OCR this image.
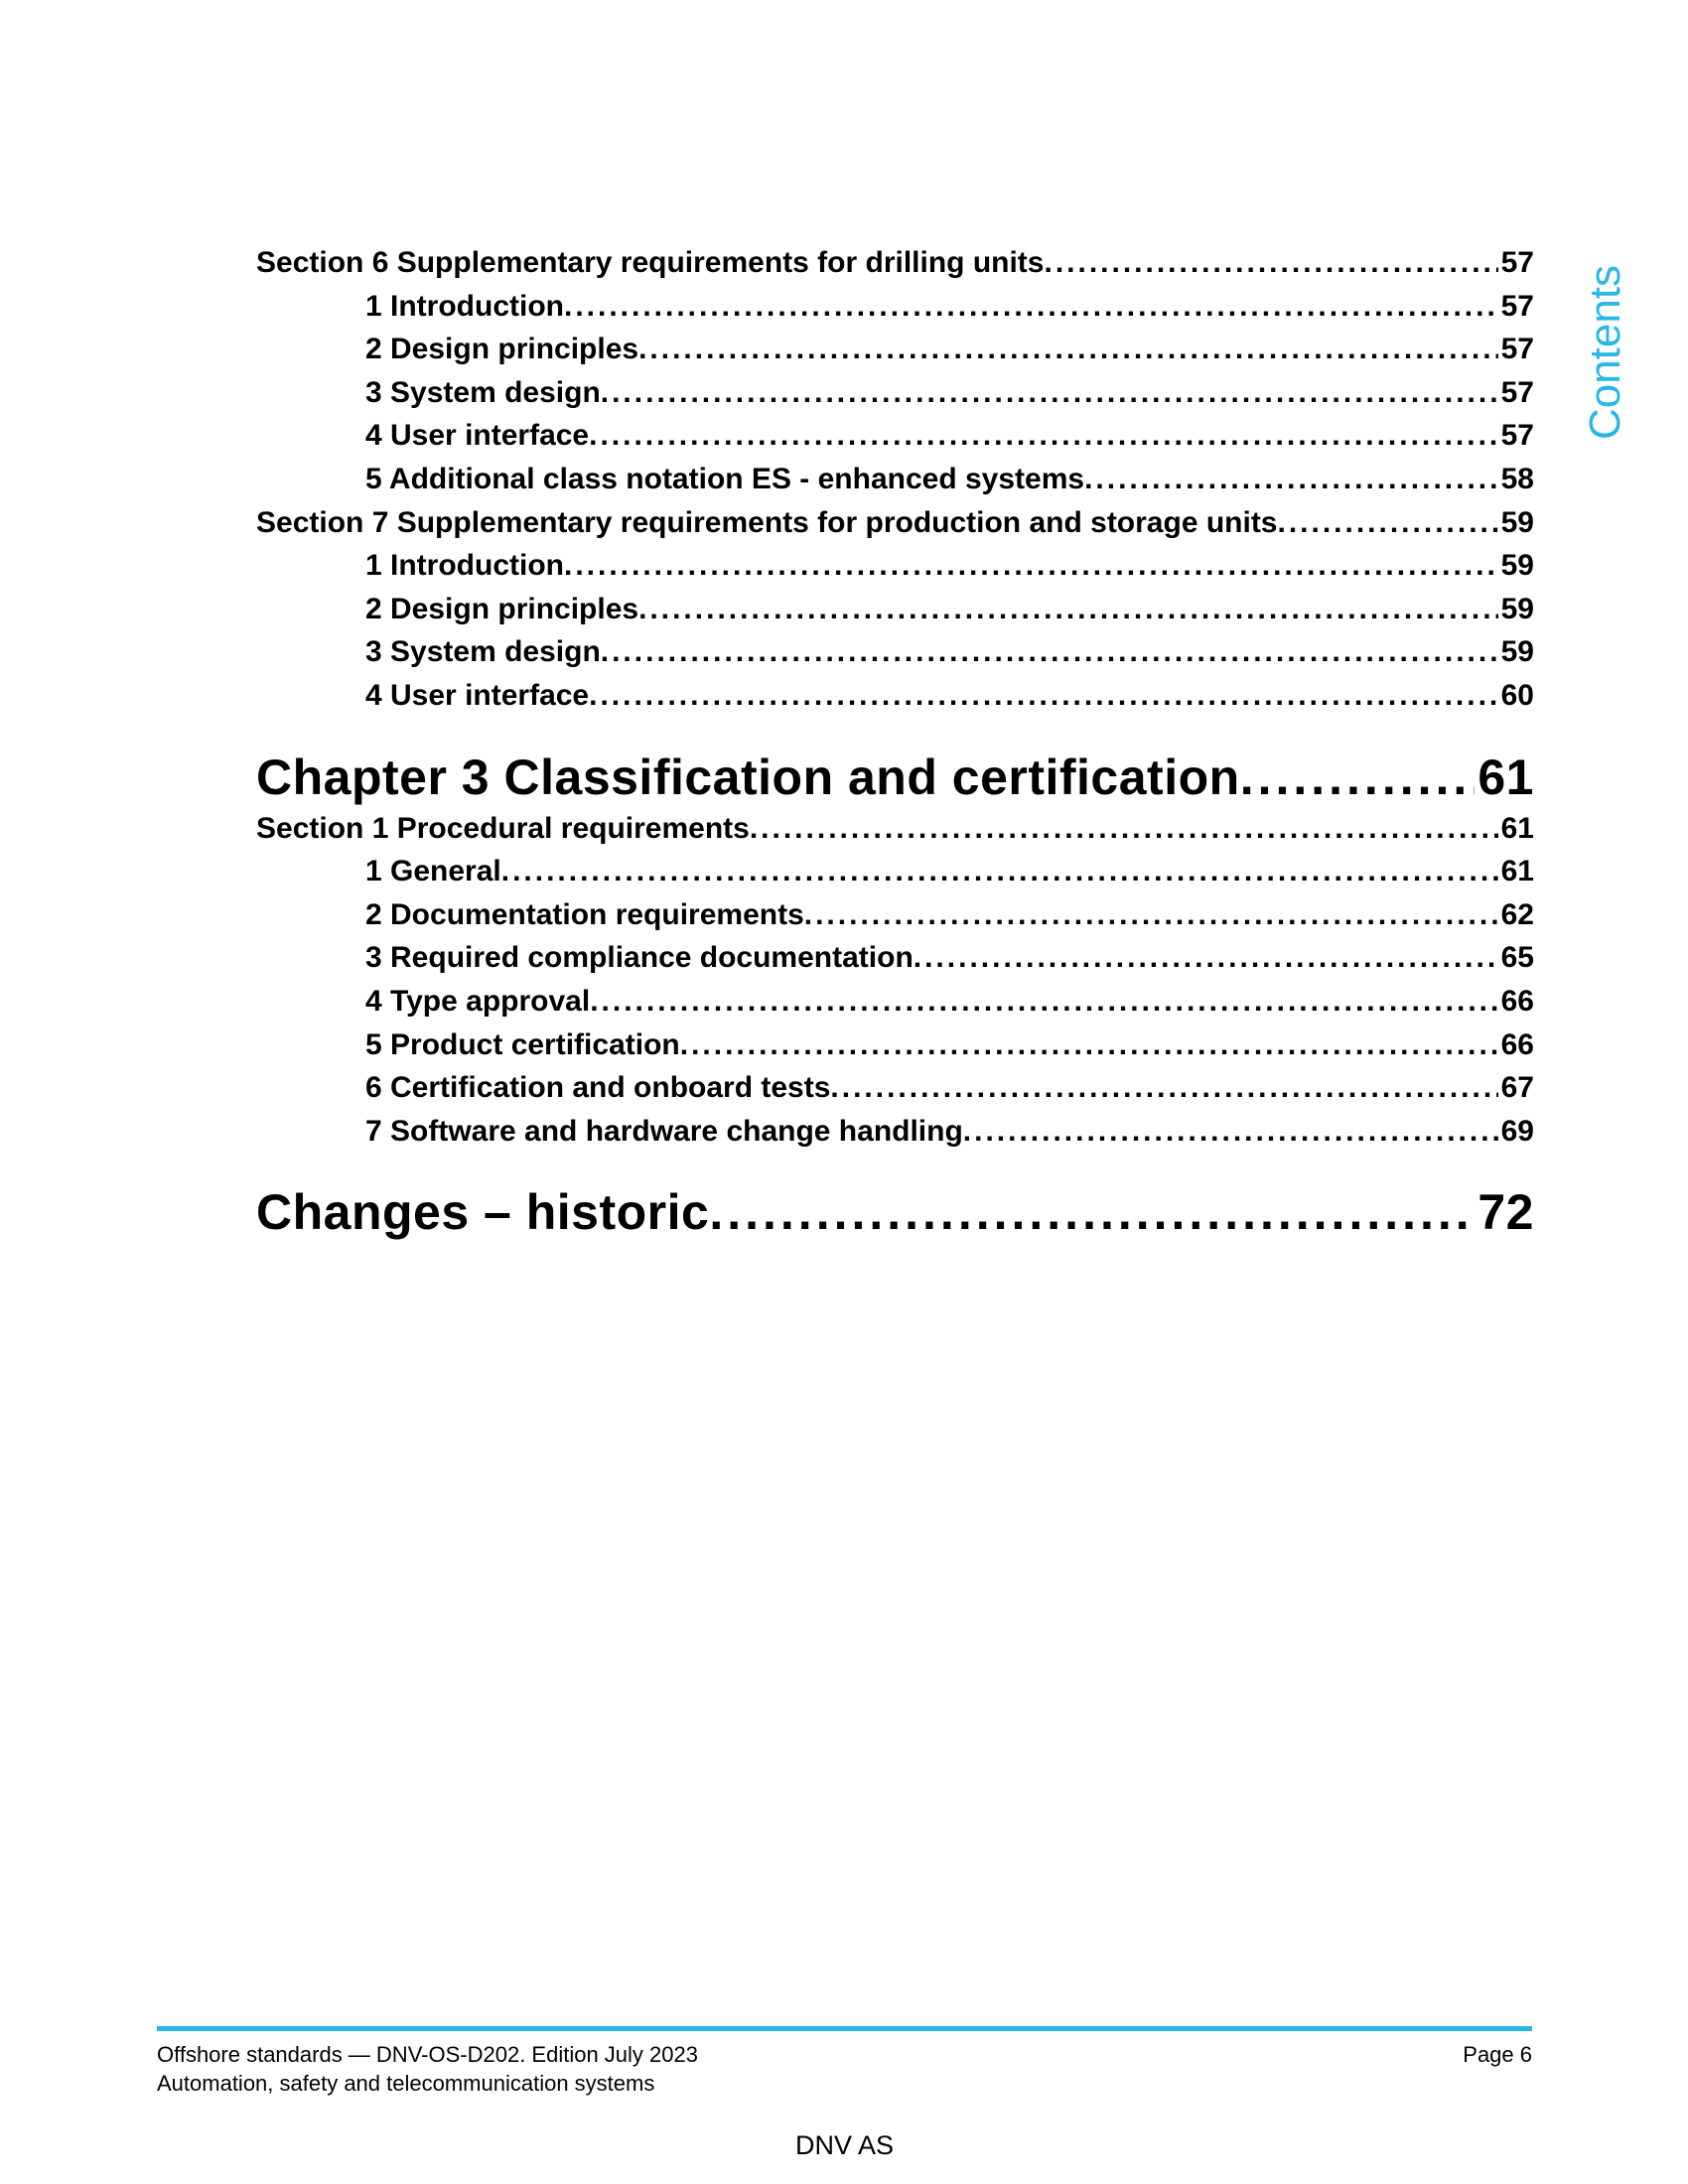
Contents
Section 6 Supplementary requirements for drilling units .....	57
1 Introduction .....	57
2 Design principles .....	57
3 System design .....	57
4 User interface .....	57
5 Additional class notation ES - enhanced systems .....	58
Section 7 Supplementary requirements for production and storage units .....	59
1 Introduction .....	59
2 Design principles .....	59
3 System design .....	59
4 User interface .....	60
Chapter 3 Classification and certification .....	61
Section 1 Procedural requirements .....	61
1 General .....	61
2 Documentation requirements .....	62
3 Required compliance documentation .....	65
4 Type approval .....	66
5 Product certification .....	66
6 Certification and onboard tests .....	67
7 Software and hardware change handling .....	69
Changes – historic .....	72
Offshore standards — DNV-OS-D202. Edition July 2023	Page 6
Automation, safety and telecommunication systems
DNV AS
